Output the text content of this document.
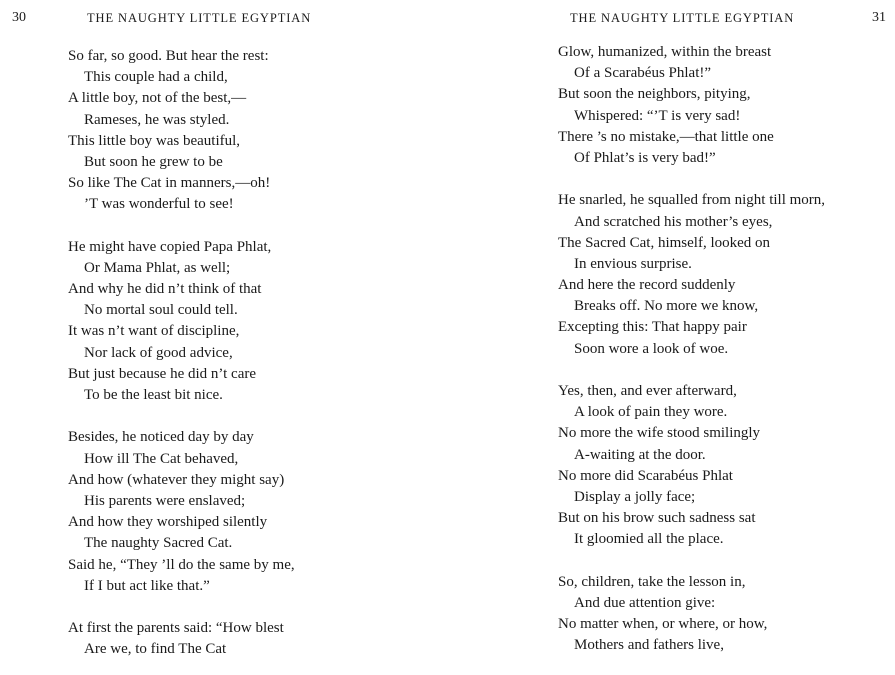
30	THE NAUGHTY LITTLE EGYPTIAN
So far, so good. But hear the rest:
This couple had a child,
A little boy, not of the best,—
Rameses, he was styled.
This little boy was beautiful,
But soon he grew to be
So like The Cat in manners,—oh!
’T was wonderful to see!
He might have copied Papa Phlat,
Or Mama Phlat, as well;
And why he did n’t think of that
No mortal soul could tell.
It was n’t want of discipline,
Nor lack of good advice,
But just because he did n’t care
To be the least bit nice.
Besides, he noticed day by day
How ill The Cat behaved,
And how (whatever they might say)
His parents were enslaved;
And how they worshiped silently
The naughty Sacred Cat.
Said he, “They ’ll do the same by me,
If I but act like that.”
At first the parents said: “How blest
Are we, to find The Cat
THE NAUGHTY LITTLE EGYPTIAN	31
Glow, humanized, within the breast
Of a Scarabéus Phlat!”
But soon the neighbors, pitying,
Whispered: “’T is very sad!
There ’s no mistake,—that little one
Of Phlat’s is very bad!”
He snarled, he squalled from night till morn,
And scratched his mother’s eyes,
The Sacred Cat, himself, looked on
In envious surprise.
And here the record suddenly
Breaks off. No more we know,
Excepting this: That happy pair
Soon wore a look of woe.
Yes, then, and ever afterward,
A look of pain they wore.
No more the wife stood smilingly
A-waiting at the door.
No more did Scarabéus Phlat
Display a jolly face;
But on his brow such sadness sat
It gloomied all the place.
So, children, take the lesson in,
And due attention give:
No matter when, or where, or how,
Mothers and fathers live,
